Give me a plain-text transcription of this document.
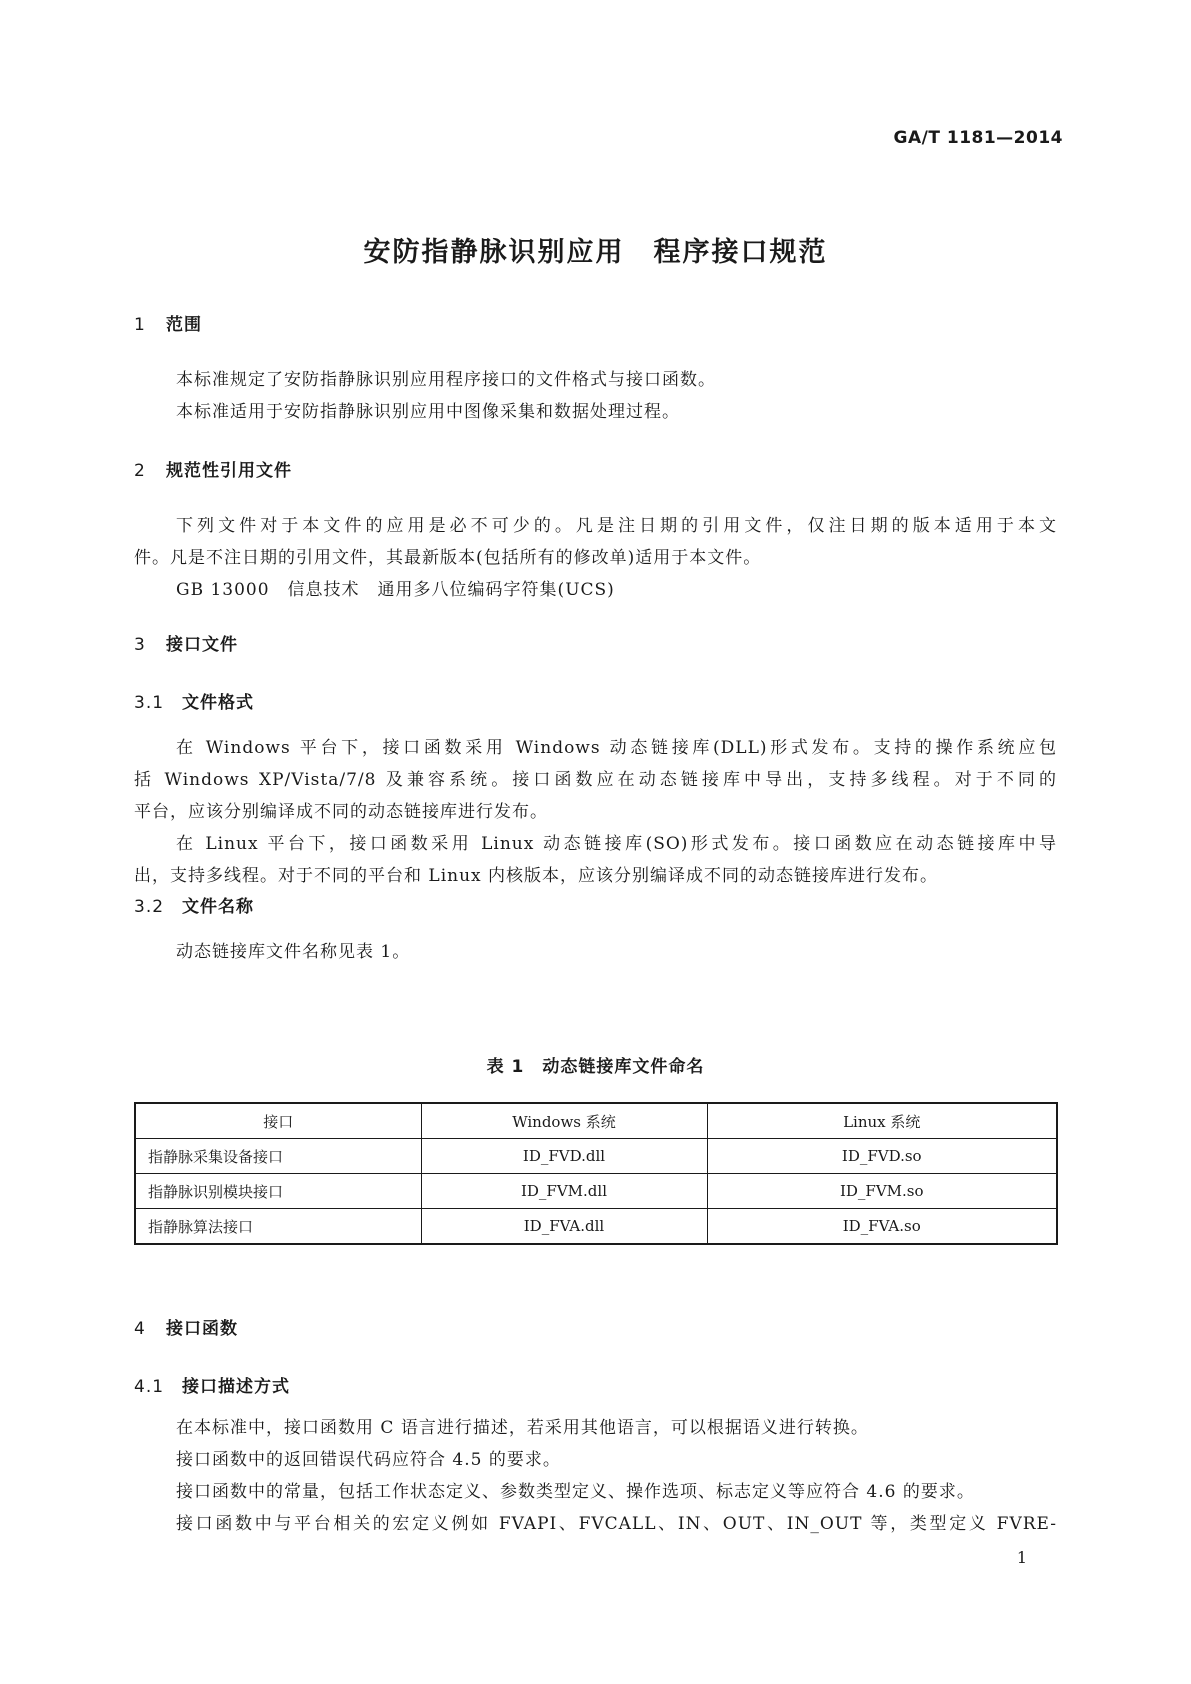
GA/T 1181—2014
安防指静脉识别应用　程序接口规范
1 范围
本标准规定了安防指静脉识别应用程序接口的文件格式与接口函数。
本标准适用于安防指静脉识别应用中图像采集和数据处理过程。
2 规范性引用文件
下列文件对于本文件的应用是必不可少的。凡是注日期的引用文件，仅注日期的版本适用于本文
件。凡是不注日期的引用文件，其最新版本(包括所有的修改单)适用于本文件。
GB 13000　信息技术　通用多八位编码字符集(UCS)
3 接口文件
3.1 文件格式
在 Windows 平台下，接口函数采用 Windows 动态链接库(DLL)形式发布。支持的操作系统应包
括 Windows XP/Vista/7/8 及兼容系统。接口函数应在动态链接库中导出，支持多线程。对于不同的
平台，应该分别编译成不同的动态链接库进行发布。
在 Linux 平台下，接口函数采用 Linux 动态链接库(SO)形式发布。接口函数应在动态链接库中导
出，支持多线程。对于不同的平台和 Linux 内核版本，应该分别编译成不同的动态链接库进行发布。
3.2 文件名称
动态链接库文件名称见表 1。
表 1　动态链接库文件命名
接口	Windows 系统	Linux 系统
指静脉采集设备接口	ID_FVD.dll	ID_FVD.so
指静脉识别模块接口	ID_FVM.dll	ID_FVM.so
指静脉算法接口	ID_FVA.dll	ID_FVA.so
4 接口函数
4.1 接口描述方式
在本标准中，接口函数用 C 语言进行描述，若采用其他语言，可以根据语义进行转换。
接口函数中的返回错误代码应符合 4.5 的要求。
接口函数中的常量，包括工作状态定义、参数类型定义、操作选项、标志定义等应符合 4.6 的要求。
接口函数中与平台相关的宏定义例如 FVAPI、FVCALL、IN、OUT、IN_OUT 等，类型定义 FVRE-
1
